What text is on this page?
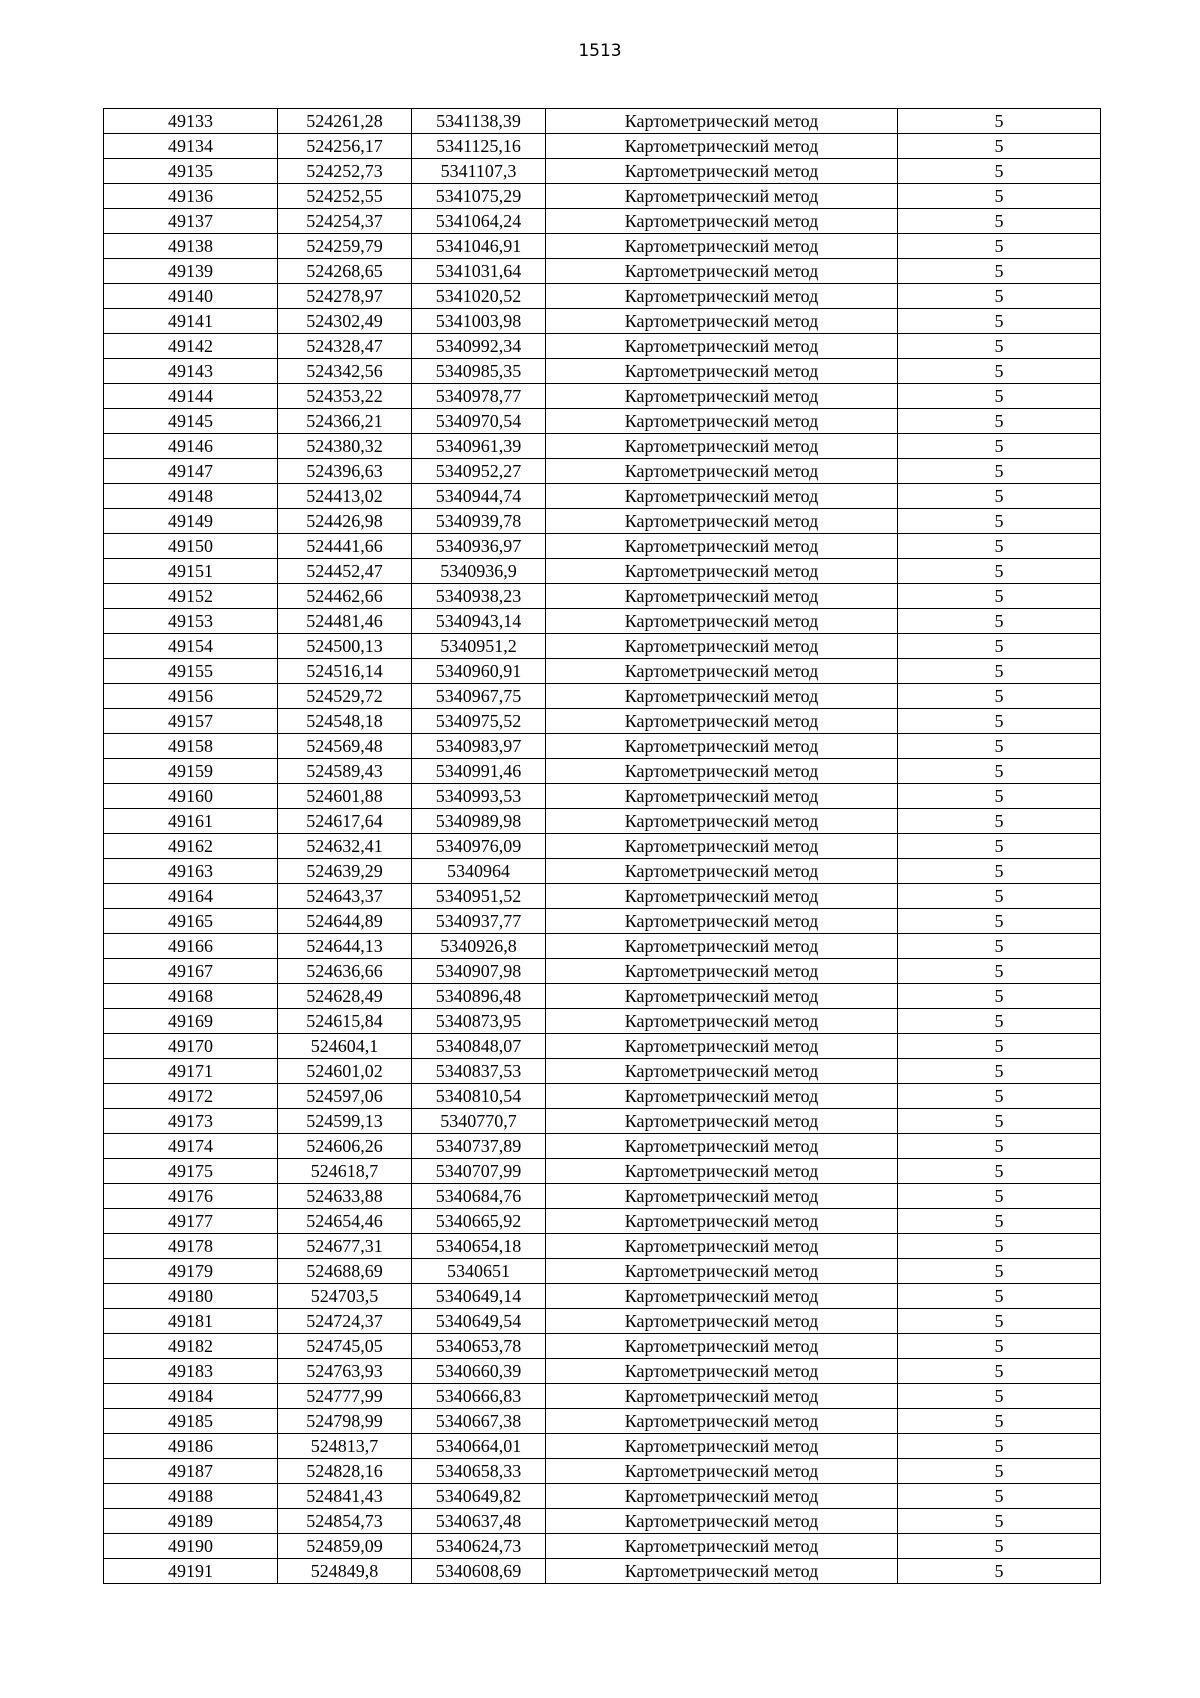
1513
49133	524261,28	5341138,39	Картометрический метод	5
49134	524256,17	5341125,16	Картометрический метод	5
49135	524252,73	5341107,3	Картометрический метод	5
49136	524252,55	5341075,29	Картометрический метод	5
49137	524254,37	5341064,24	Картометрический метод	5
49138	524259,79	5341046,91	Картометрический метод	5
49139	524268,65	5341031,64	Картометрический метод	5
49140	524278,97	5341020,52	Картометрический метод	5
49141	524302,49	5341003,98	Картометрический метод	5
49142	524328,47	5340992,34	Картометрический метод	5
49143	524342,56	5340985,35	Картометрический метод	5
49144	524353,22	5340978,77	Картометрический метод	5
49145	524366,21	5340970,54	Картометрический метод	5
49146	524380,32	5340961,39	Картометрический метод	5
49147	524396,63	5340952,27	Картометрический метод	5
49148	524413,02	5340944,74	Картометрический метод	5
49149	524426,98	5340939,78	Картометрический метод	5
49150	524441,66	5340936,97	Картометрический метод	5
49151	524452,47	5340936,9	Картометрический метод	5
49152	524462,66	5340938,23	Картометрический метод	5
49153	524481,46	5340943,14	Картометрический метод	5
49154	524500,13	5340951,2	Картометрический метод	5
49155	524516,14	5340960,91	Картометрический метод	5
49156	524529,72	5340967,75	Картометрический метод	5
49157	524548,18	5340975,52	Картометрический метод	5
49158	524569,48	5340983,97	Картометрический метод	5
49159	524589,43	5340991,46	Картометрический метод	5
49160	524601,88	5340993,53	Картометрический метод	5
49161	524617,64	5340989,98	Картометрический метод	5
49162	524632,41	5340976,09	Картометрический метод	5
49163	524639,29	5340964	Картометрический метод	5
49164	524643,37	5340951,52	Картометрический метод	5
49165	524644,89	5340937,77	Картометрический метод	5
49166	524644,13	5340926,8	Картометрический метод	5
49167	524636,66	5340907,98	Картометрический метод	5
49168	524628,49	5340896,48	Картометрический метод	5
49169	524615,84	5340873,95	Картометрический метод	5
49170	524604,1	5340848,07	Картометрический метод	5
49171	524601,02	5340837,53	Картометрический метод	5
49172	524597,06	5340810,54	Картометрический метод	5
49173	524599,13	5340770,7	Картометрический метод	5
49174	524606,26	5340737,89	Картометрический метод	5
49175	524618,7	5340707,99	Картометрический метод	5
49176	524633,88	5340684,76	Картометрический метод	5
49177	524654,46	5340665,92	Картометрический метод	5
49178	524677,31	5340654,18	Картометрический метод	5
49179	524688,69	5340651	Картометрический метод	5
49180	524703,5	5340649,14	Картометрический метод	5
49181	524724,37	5340649,54	Картометрический метод	5
49182	524745,05	5340653,78	Картометрический метод	5
49183	524763,93	5340660,39	Картометрический метод	5
49184	524777,99	5340666,83	Картометрический метод	5
49185	524798,99	5340667,38	Картометрический метод	5
49186	524813,7	5340664,01	Картометрический метод	5
49187	524828,16	5340658,33	Картометрический метод	5
49188	524841,43	5340649,82	Картометрический метод	5
49189	524854,73	5340637,48	Картометрический метод	5
49190	524859,09	5340624,73	Картометрический метод	5
49191	524849,8	5340608,69	Картометрический метод	5
